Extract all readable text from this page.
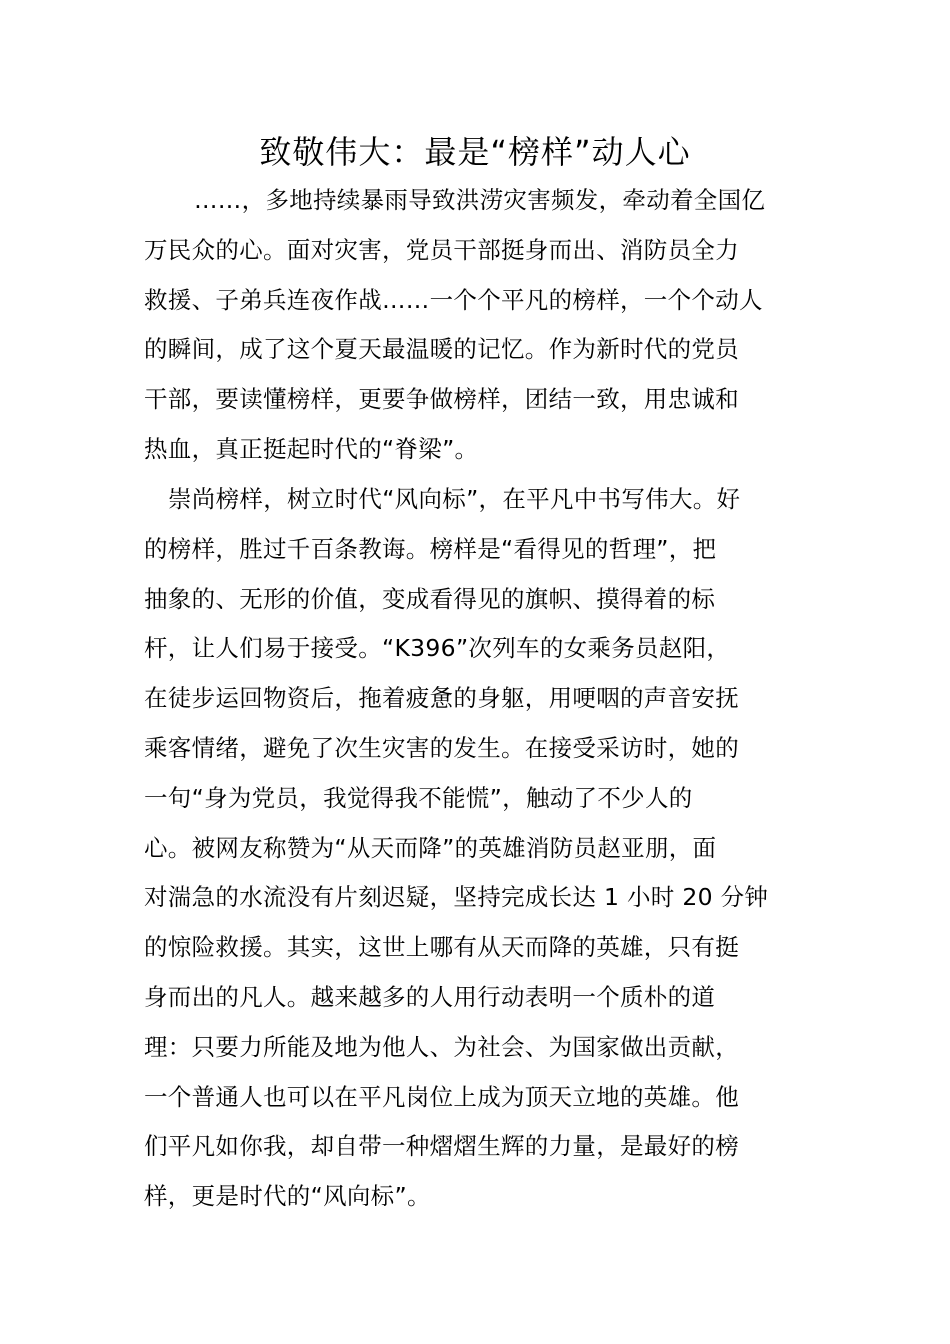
致敬伟大：最是“榜样”动人心
……，多地持续暴雨导致洪涝灾害频发，牵动着全国亿
万民众的心。面对灾害，党员干部挺身而出、消防员全力
救援、子弟兵连夜作战……一个个平凡的榜样，一个个动人
的瞬间，成了这个夏天最温暖的记忆。作为新时代的党员
干部，要读懂榜样，更要争做榜样，团结一致，用忠诚和
热血，真正挺起时代的“脊梁”。
崇尚榜样，树立时代“风向标”，在平凡中书写伟大。好
的榜样，胜过千百条教诲。榜样是“看得见的哲理”，把
抽象的、无形的价值，变成看得见的旗帜、摸得着的标
杆，让人们易于接受。“K396”次列车的女乘务员赵阳，
在徒步运回物资后，拖着疲惫的身躯，用哽咽的声音安抚
乘客情绪，避免了次生灾害的发生。在接受采访时，她的
一句“身为党员，我觉得我不能慌”，触动了不少人的
心。被网友称赞为“从天而降”的英雄消防员赵亚朋，面
对湍急的水流没有片刻迟疑，坚持完成长达 1 小时 20 分钟
的惊险救援。其实，这世上哪有从天而降的英雄，只有挺
身而出的凡人。越来越多的人用行动表明一个质朴的道
理：只要力所能及地为他人、为社会、为国家做出贡献，
一个普通人也可以在平凡岗位上成为顶天立地的英雄。他
们平凡如你我，却自带一种熠熠生辉的力量，是最好的榜
样，更是时代的“风向标”。
